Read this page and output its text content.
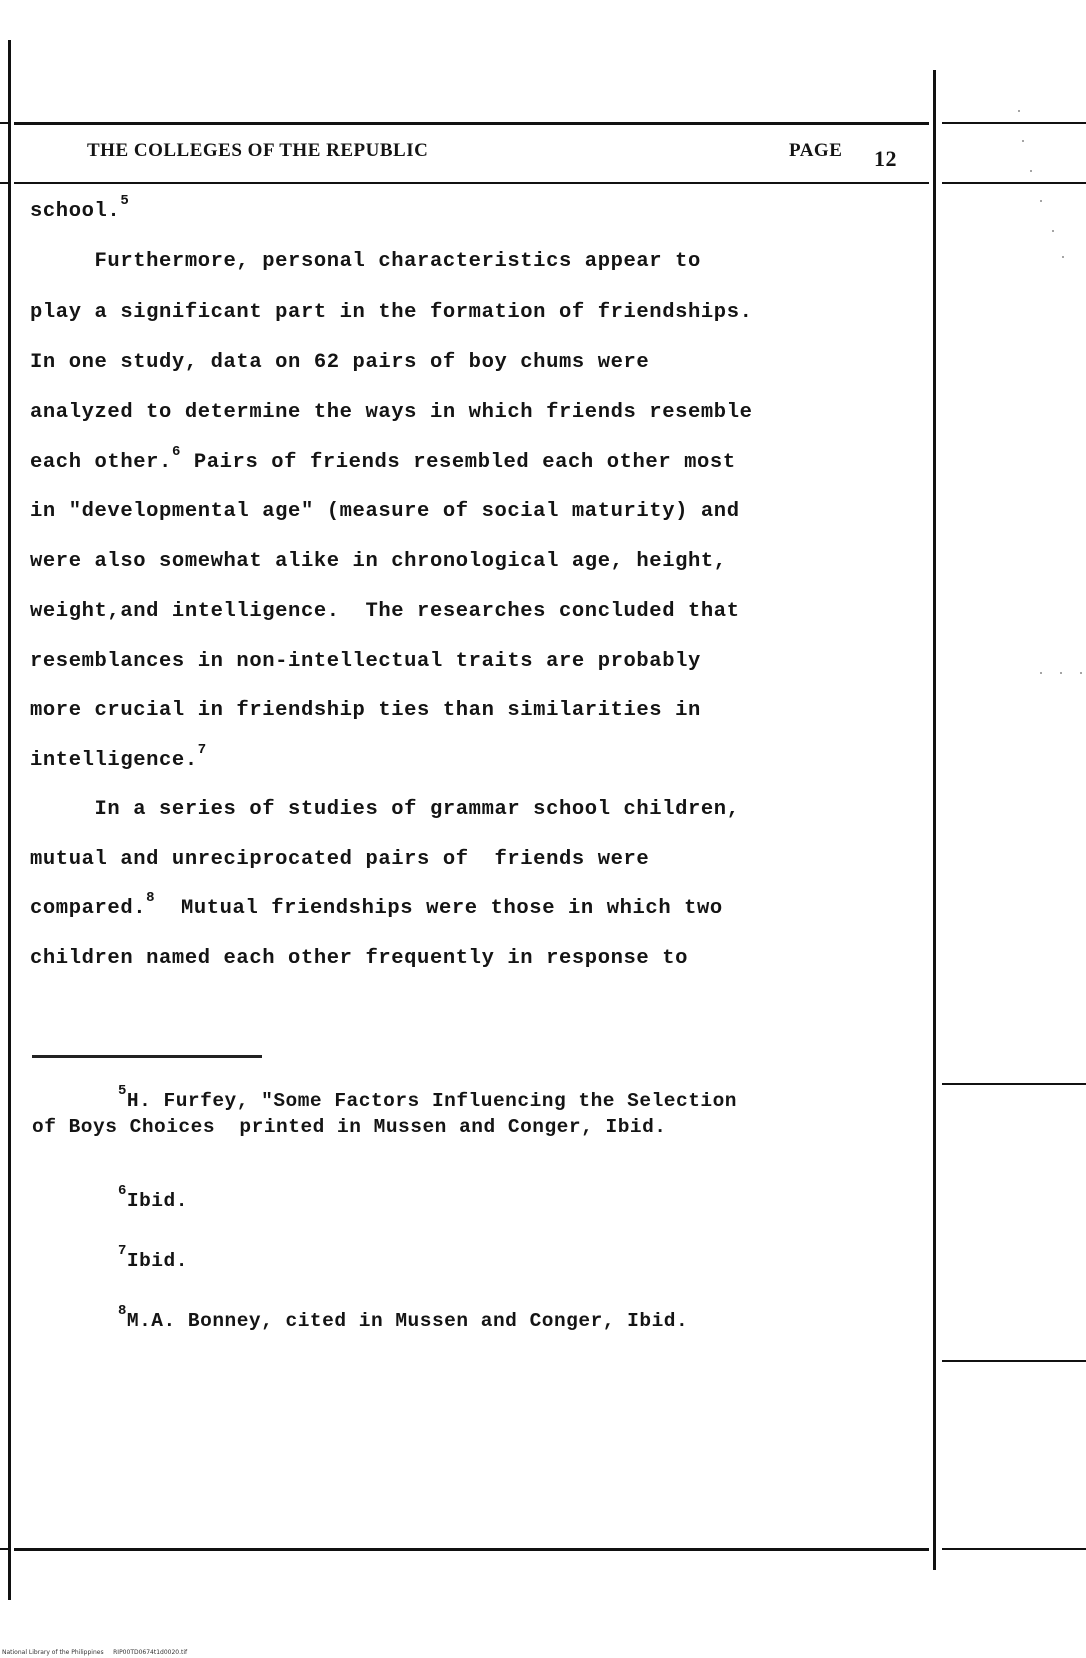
THE COLLEGES OF THE REPUBLIC	PAGE 12
school.$^5$
Furthermore, personal characteristics appear to
play a significant part in the formation of friendships.
In one study, data on 62 pairs of boy chums were
analyzed to determine the ways in which friends resemble
each other.$^6$ Pairs of friends resembled each other most
in "developmental age" (measure of social maturity) and
were also somewhat alike in chronological age, height,
weight,and intelligence.  The researches concluded that
resemblances in non-intellectual traits are probably
more crucial in friendship ties than similarities in
intelligence.$^7$
In a series of studies of grammar school children,
mutual and unreciprocated pairs of  friends were
compared.$^8$  Mutual friendships were those in which two
children named each other frequently in response to
$^5$H. Furfey, "Some Factors Influencing the Selection
of Boys Choices  printed in Mussen and Conger, Ibid.
$^6$Ibid.
$^7$Ibid.
$^8$M.A. Bonney, cited in Mussen and Conger, Ibid.
National Library of the Philippines RIP00TD0674t1d0020.tif
